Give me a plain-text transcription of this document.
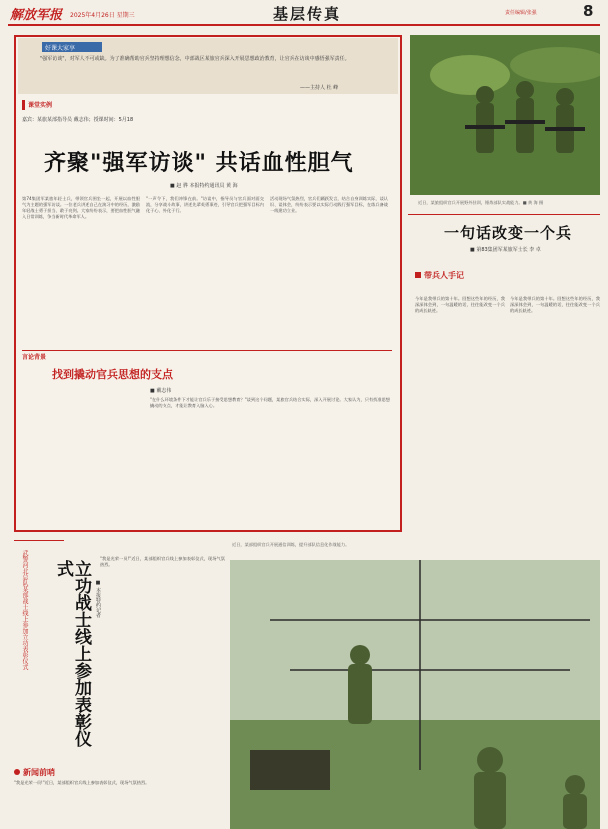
解放军报	2025年4月26日 星期三	基层传真	责任编辑/张强	8
好课大家享
"强军访谈"，对军人不可或缺。为了准确帮助官兵坚持理想信念，中部战区某旅官兵深入开展思想政治教育，让官兵在访谈中感悟强军责任。
——主持人 杜 峰
课堂实例
嘉宾：某旅某部指导员 戴志伟；授课时间：5月18
齐聚"强军访谈" 共话血性胆气
■ 赵 骅 本报特约通讯员 黄 海
第74集团军某旅年轻士兵，带领官兵围坐一起，开展以血性胆气为主题的强军访谈。一位老兵讲述自己在演习中的经历，激励年轻战士勇于担当、敢于亮剑。大家纷纷表示，要把血性胆气融入日常训练，争当新时代革命军人。
"一声令下，我们冲锋在前。"访谈中，指导员与官兵面对面交流，分享战斗故事，讲述先辈英勇事迹，引导官兵把强军目标内化于心、外化于行。
活动现场气氛热烈，官兵们踊跃发言，结合自身训练实际，谈认识、谈体会，纷纷表示要以实际行动践行强军目标，在练兵备战一线建功立业。
言论背景
找到撬动官兵思想的支点
■ 戴志伟
"在什么环境条件下才能让官兵乐于接受思想教育？"谈到这个问题，某旅官兵结合实际，深入开展讨论。大家认为，只有找准思想撬动的支点，才能让教育入脑入心。
近日，某旅组织官兵开展野外驻训，锤炼部队实战能力。■ 黄 海 摄
一句话改变一个兵
■ 第83集团军某旅军士长 李 卓
带兵人手记
今年是我带兵的第十年。回想这些年的经历，我深深体会到，一句温暖的话，往往能改变一个兵的成长轨迹。
今年是我带兵的第十年。回想这些年的经历，我深深体会到，一句温暖的话，往往能改变一个兵的成长轨迹。
近日，某部组织官兵开展通信训练，提升部队信息化作战能力。
武警河北总队某部战士线上参加立功表彰仪式	立功战士线上参加表彰仪式
■ 本报特约记者
"我是光荣一员!"近日，某部组织官兵线上参加表彰仪式，现场气氛热烈。
新闻前哨
"我是光荣一员!"近日，某部组织官兵线上参加表彰仪式，现场气氛热烈。
